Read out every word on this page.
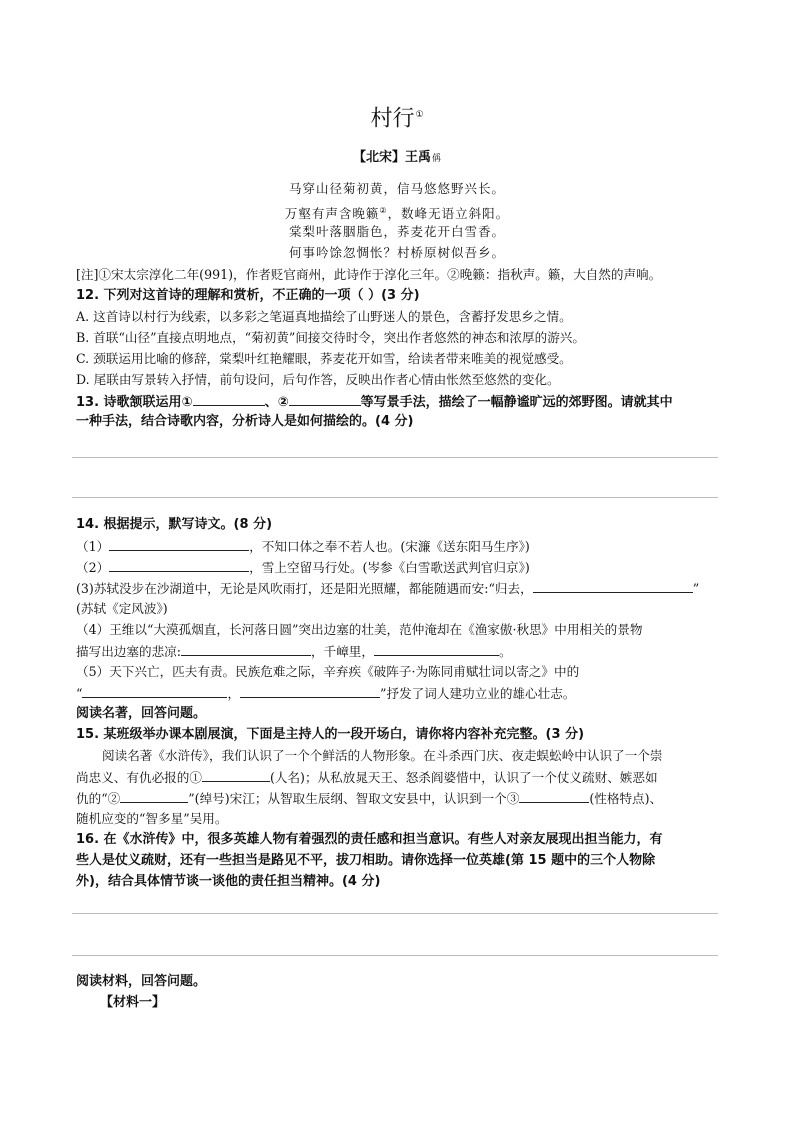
村行①
【北宋】王禹偁
马穿山径菊初黄，信马悠悠野兴长。
万壑有声含晚籁②，数峰无语立斜阳。
棠梨叶落胭脂色，荞麦花开白雪香。
何事吟馀忽惆怅？村桥原树似吾乡。
[注]①宋太宗淳化二年(991)，作者贬官商州，此诗作于淳化三年。②晚籁：指秋声。籁，大自然的声响。
12. 下列对这首诗的理解和赏析，不正确的一项（ ）(3 分)
A. 这首诗以村行为线索，以多彩之笔逼真地描绘了山野迷人的景色，含蓄抒发思乡之情。
B. 首联“山径”直接点明地点，“菊初黄”间接交待时令，突出作者悠然的神态和浓厚的游兴。
C. 颈联运用比喻的修辞，棠梨叶红艳耀眼，荞麦花开如雪，给读者带来唯美的视觉感受。
D. 尾联由写景转入抒情，前句设问，后句作答，反映出作者心情由怅然至悠然的变化。
13. 诗歌颔联运用①	、②	等写景手法，描绘了一幅静谧旷远的郊野图。请就其中
一种手法，结合诗歌内容，分析诗人是如何描绘的。(4 分)
14. 根据提示，默写诗文。(8 分)
（1）	，不知口体之奉不若人也。(宋濂《送东阳马生序》)
（2）	，雪上空留马行处。(岑参《白雪歌送武判官归京》)
(3)苏轼没步在沙湖道中，无论是风吹雨打，还是阳光照耀，都能随遇而安:“归去，	”
(苏轼《定风波》)
（4）王维以“大漠孤烟直，长河落日圆”突出边塞的壮美，范仲淹却在《渔家傲·秋思》中用相关的景物
描写出边塞的悲凉:	，千嶂里，	。
（5）天下兴亡，匹夫有责。民族危难之际，辛弃疾《破阵子·为陈同甫赋壮词以寄之》中的
“	，	”抒发了词人建功立业的雄心壮志。
阅读名著，回答问题。
15. 某班级举办课本剧展演，下面是主持人的一段开场白，请你将内容补充完整。(3 分)
阅读名著《水浒传》，我们认识了一个个鲜活的人物形象。在斗杀西门庆、夜走蜈蚣岭中认识了一个崇
尚忠义、有仇必报的①	(人名)；从私放晁天王、怒杀阎婆惜中，认识了一个仗义疏财、嫉恶如
仇的“②	”(绰号)宋江；从智取生辰纲、智取文安县中，认识到一个③	(性格特点)、
随机应变的“智多星”吴用。
16. 在《水浒传》中，很多英雄人物有着强烈的责任感和担当意识。有些人对亲友展现出担当能力，有
些人是仗义疏财，还有一些担当是路见不平，拔刀相助。请你选择一位英雄(第 15 题中的三个人物除
外)，结合具体情节谈一谈他的责任担当精神。(4 分)
阅读材料，回答问题。
【材料一】
